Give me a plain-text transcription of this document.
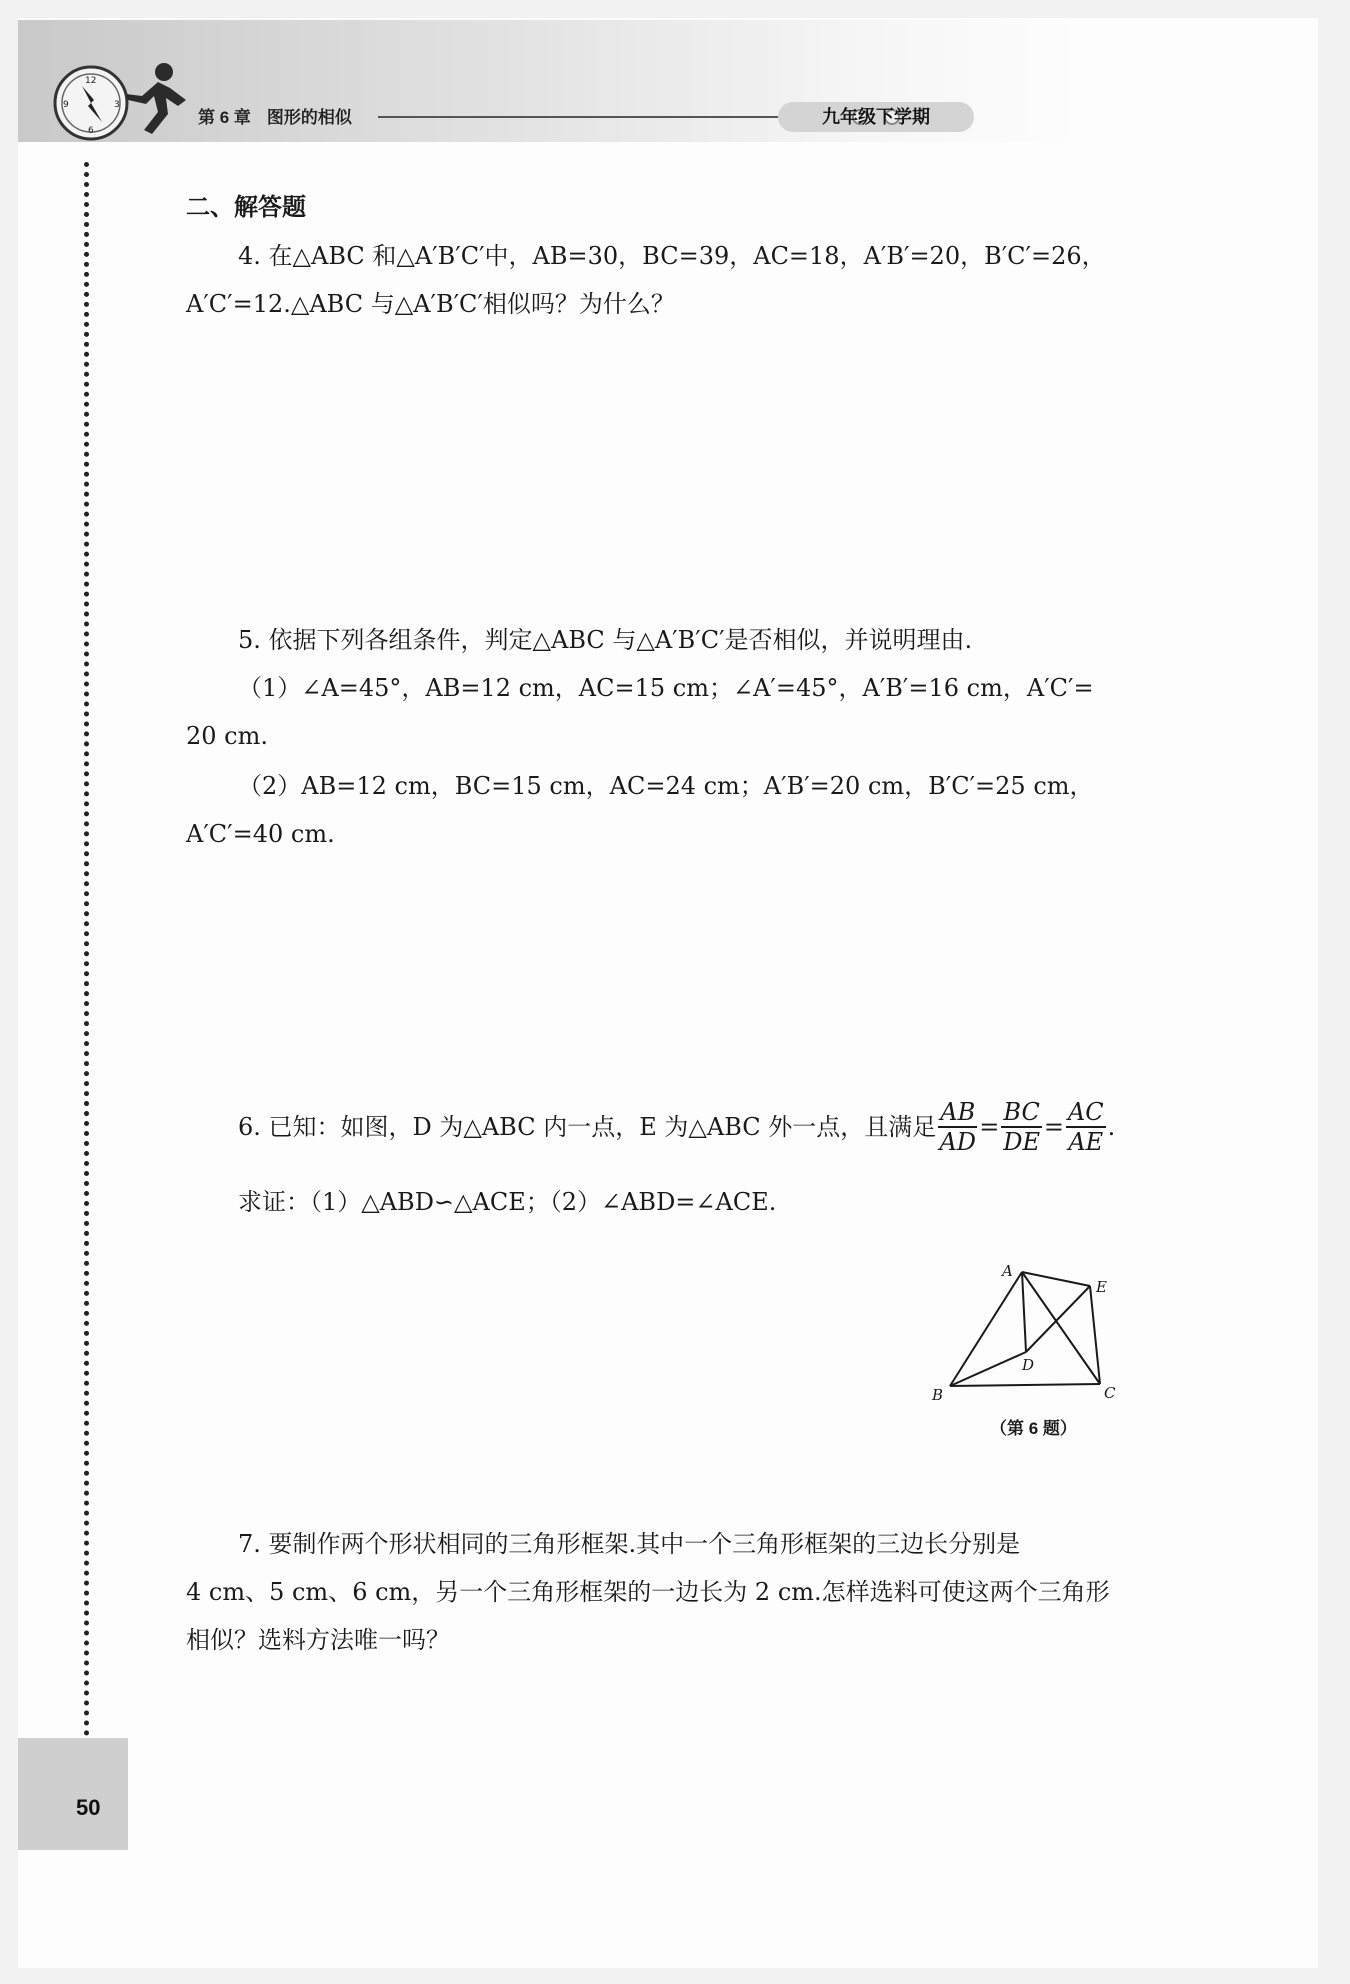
12
3
6
9
第 6 章 图形的相似	九年级下学期
二、解答题
4. 在△ABC 和△A′B′C′中，AB=30，BC=39，AC=18，A′B′=20，B′C′=26，
A′C′=12.△ABC 与△A′B′C′相似吗？为什么？
5. 依据下列各组条件，判定△ABC 与△A′B′C′是否相似，并说明理由.
（1）∠A=45°，AB=12 cm，AC=15 cm；∠A′=45°，A′B′=16 cm，A′C′=
20 cm.
（2）AB=12 cm，BC=15 cm，AC=24 cm；A′B′=20 cm，B′C′=25 cm，
A′C′=40 cm.
6. 已知：如图，D 为△ABC 内一点，E 为△ABC 外一点，且满足 $\frac{AB}{AD} = \frac{BC}{DE} = \frac{AC}{AE}$ .
求证：（1）△ABD∽△ACE；（2）∠ABD=∠ACE.
A
E
D
B	C
（第 6 题）
7. 要制作两个形状相同的三角形框架.其中一个三角形框架的三边长分别是
4 cm、5 cm、6 cm，另一个三角形框架的一边长为 2 cm.怎样选料可使这两个三角形
相似？选料方法唯一吗？
50
